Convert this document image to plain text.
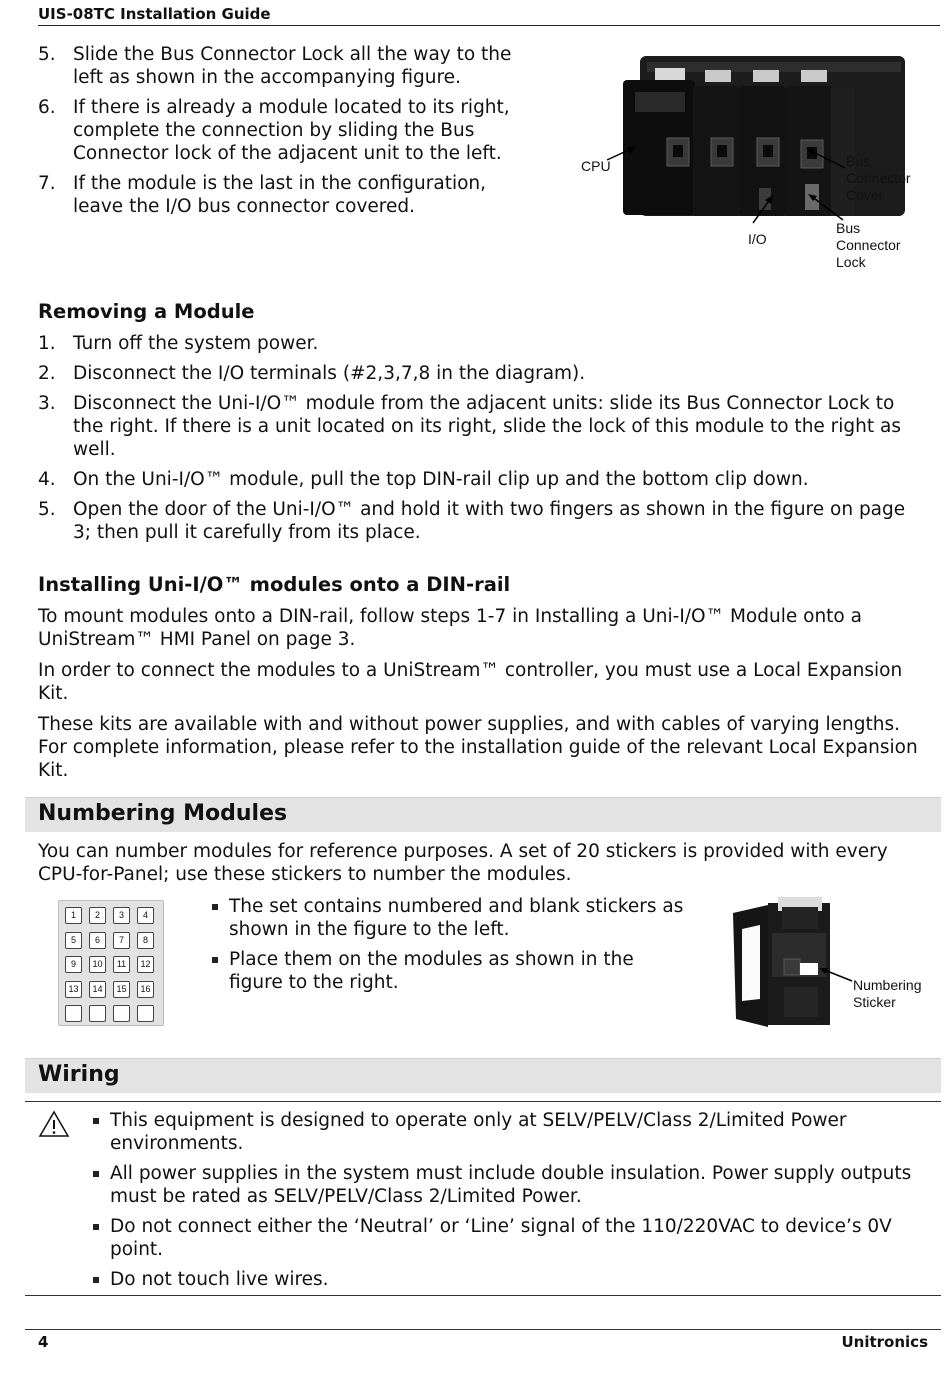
UIS-08TC Installation Guide
5. Slide the Bus Connector Lock all the way to the left as shown in the accompanying figure.
6. If there is already a module located to its right, complete the connection by sliding the Bus Connector lock of the adjacent unit to the left.
7. If the module is the last in the configuration, leave the I/O bus connector covered.
CPU
I/O
Bus
Connector
Cover
Bus
Connector
Lock
Removing a Module
1. Turn off the system power.
2. Disconnect the I/O terminals (#2,3,7,8 in the diagram).
3. Disconnect the Uni-I/O™ module from the adjacent units: slide its Bus Connector Lock to the right. If there is a unit located on its right, slide the lock of this module to the right as well.
4. On the Uni-I/O™ module, pull the top DIN-rail clip up and the bottom clip down.
5. Open the door of the Uni-I/O™ and hold it with two fingers as shown in the figure on page 3; then pull it carefully from its place.
Installing Uni-I/O™ modules onto a DIN-rail

To mount modules onto a DIN-rail, follow steps 1-7 in Installing a Uni-I/O™ Module onto a UniStream™ HMI Panel on page 3.

In order to connect the modules to a UniStream™ controller, you must use a Local Expansion Kit.

These kits are available with and without power supplies, and with cables of varying lengths. For complete information, please refer to the installation guide of the relevant Local Expansion Kit.

Numbering Modules

You can number modules for reference purposes. A set of 20 stickers is provided with every CPU-for-Panel; use these stickers to number the modules.

1	2	3	4
5	6	7	8
9	10	11	12
13	14	15	16
The set contains numbered and blank stickers as shown in the figure to the left.
Place them on the modules as shown in the figure to the right.	Numbering
Sticker
Wiring
This equipment is designed to operate only at SELV/PELV/Class 2/Limited Power environments.
All power supplies in the system must include double insulation. Power supply outputs must be rated as SELV/PELV/Class 2/Limited Power.
Do not connect either the ‘Neutral’ or ‘Line’ signal of the 110/220VAC to device’s 0V point.
Do not touch live wires.
4	Unitronics
